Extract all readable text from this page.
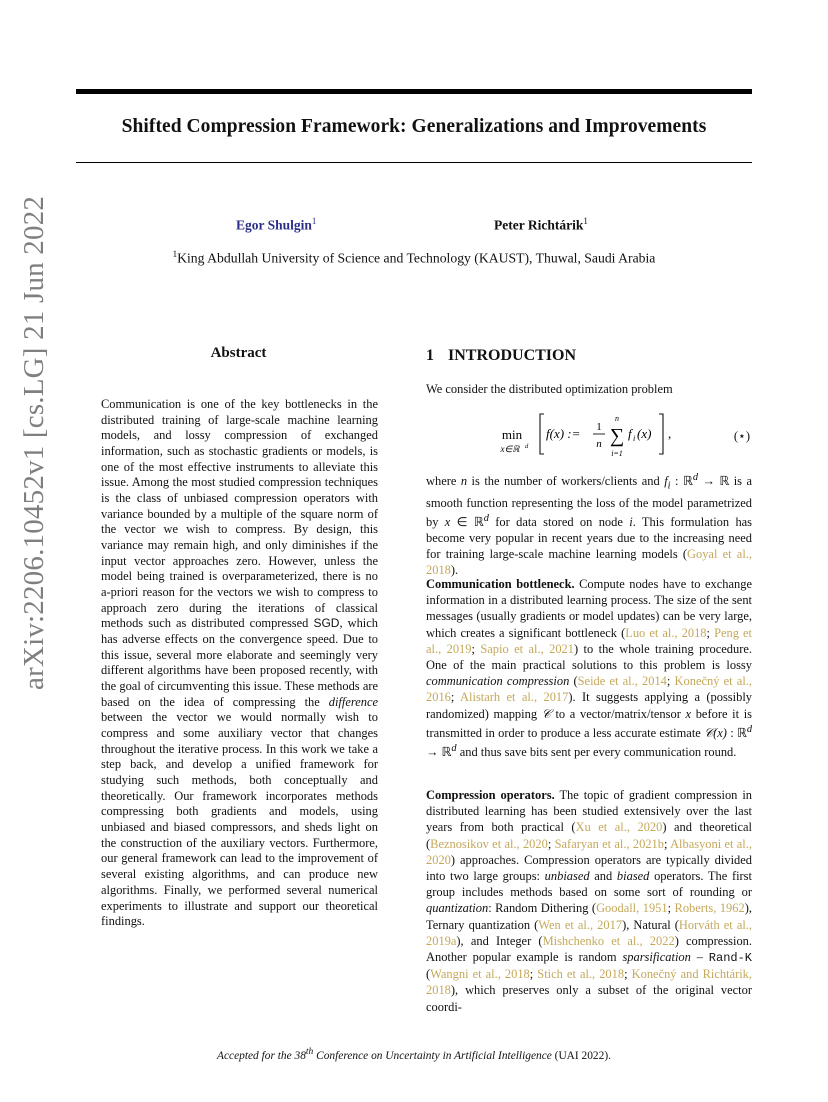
Shifted Compression Framework: Generalizations and Improvements
Egor Shulgin$^1$	Peter Richtárik$^1$
$^1$King Abdullah University of Science and Technology (KAUST), Thuwal, Saudi Arabia
arXiv:2206.10452v1 [cs.LG] 21 Jun 2022	Abstract
Communication is one of the key bottlenecks in the distributed training of large-scale machine learning models, and lossy compression of exchanged information, such as stochastic gradients or models, is one of the most effective instruments to alleviate this issue. Among the most studied compression techniques is the class of unbiased compression operators with variance bounded by a multiple of the square norm of the vector we wish to compress. By design, this variance may remain high, and only diminishes if the input vector approaches zero. However, unless the model being trained is overparameterized, there is no a-priori reason for the vectors we wish to compress to approach zero during the iterations of classical methods such as distributed compressed SGD, which has adverse effects on the convergence speed. Due to this issue, several more elaborate and seemingly very different algorithms have been proposed recently, with the goal of circumventing this issue. These methods are based on the idea of compressing the difference between the vector we would normally wish to compress and some auxiliary vector that changes throughout the iterative process. In this work we take a step back, and develop a unified framework for studying such methods, both conceptually and theoretically. Our framework incorporates methods compressing both gradients and models, using unbiased and biased compressors, and sheds light on the construction of the auxiliary vectors. Furthermore, our general framework can lead to the improvement of several existing algorithms, and can produce new algorithms. Finally, we performed several numerical experiments to illustrate and support our theoretical findings.
1 INTRODUCTION
We consider the distributed optimization problem
min
x∈ℝ d
f(x) := 1
n
n
∑
i=1
f i (x) ,	(⋆)
where n is the number of workers/clients and $f_i$ : ℝ$^d$ → ℝ is a smooth function representing the loss of the model parametrized by x ∈ ℝ$^d$ for data stored on node i. This formulation has become very popular in recent years due to the increasing need for training large-scale machine learning models (Goyal et al., 2018).
Communication bottleneck. Compute nodes have to exchange information in a distributed learning process. The size of the sent messages (usually gradients or model updates) can be very large, which creates a significant bottleneck (Luo et al., 2018; Peng et al., 2019; Sapio et al., 2021) to the whole training procedure. One of the main practical solutions to this problem is lossy communication compression (Seide et al., 2014; Konečný et al., 2016; Alistarh et al., 2017). It suggests applying a (possibly randomized) mapping 𝒞 to a vector/matrix/tensor x before it is transmitted in order to produce a less accurate estimate 𝒞(x) : ℝ$^d$ → ℝ$^d$ and thus save bits sent per every communication round.
Compression operators. The topic of gradient compression in distributed learning has been studied extensively over the last years from both practical (Xu et al., 2020) and theoretical (Beznosikov et al., 2020; Safaryan et al., 2021b; Albasyoni et al., 2020) approaches. Compression operators are typically divided into two large groups: unbiased and biased operators. The first group includes methods based on some sort of rounding or quantization: Random Dithering (Goodall, 1951; Roberts, 1962), Ternary quantization (Wen et al., 2017), Natural (Horváth et al., 2019a), and Integer (Mishchenko et al., 2022) compression. Another popular example is random sparsification – Rand-K (Wangni et al., 2018; Stich et al., 2018; Konečný and Richtárik, 2018), which preserves only a subset of the original vector coordi-
Accepted for the 38th Conference on Uncertainty in Artificial Intelligence (UAI 2022).
